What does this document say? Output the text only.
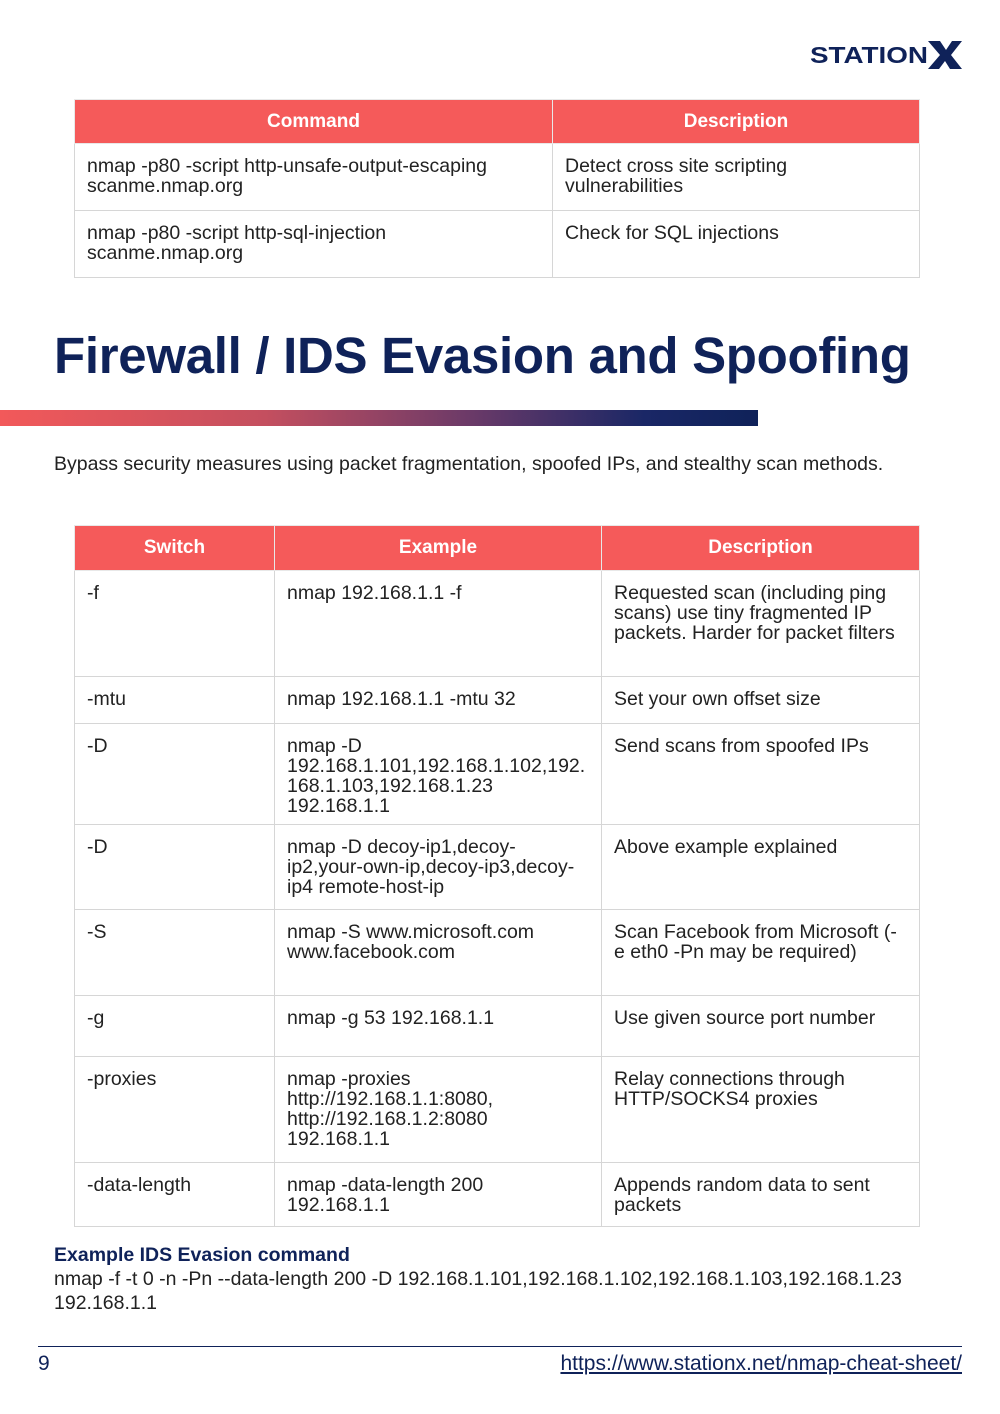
STATION
Command	Description
nmap -p80 -script http-unsafe-output-escaping scanme.nmap.org	Detect cross site scripting vulnerabilities
nmap -p80 -script http-sql-injection scanme.nmap.org	Check for SQL injections
Firewall / IDS Evasion and Spoofing

Bypass security measures using packet fragmentation, spoofed IPs, and stealthy scan methods.

Switch	Example	Description
-f	nmap 192.168.1.1 -f	Requested scan (including ping scans) use tiny fragmented IP packets. Harder for packet filters
-mtu	nmap 192.168.1.1 -mtu 32	Set your own offset size
-D	nmap -D 192.168.1.101,192.168.1.102,192.168.1.103,192.168.1.23 192.168.1.1	Send scans from spoofed IPs
-D	nmap -D decoy-ip1,decoy-ip2,your-own-ip,decoy-ip3,decoy-ip4 remote-host-ip	Above example explained
-S	nmap -S www.microsoft.com www.facebook.com	Scan Facebook from Microsoft (-e eth0 -Pn may be required)
-g	nmap -g 53 192.168.1.1	Use given source port number
-proxies	nmap -proxies http://192.168.1.1:8080, http://192.168.1.2:8080 192.168.1.1	Relay connections through HTTP/SOCKS4 proxies
-data-length	nmap -data-length 200 192.168.1.1	Appends random data to sent packets

Example IDS Evasion command

nmap -f -t 0 -n -Pn --data-length 200 -D 192.168.1.101,192.168.1.102,192.168.1.103,192.168.1.23 192.168.1.1

9	https://www.stationx.net/nmap-cheat-sheet/
